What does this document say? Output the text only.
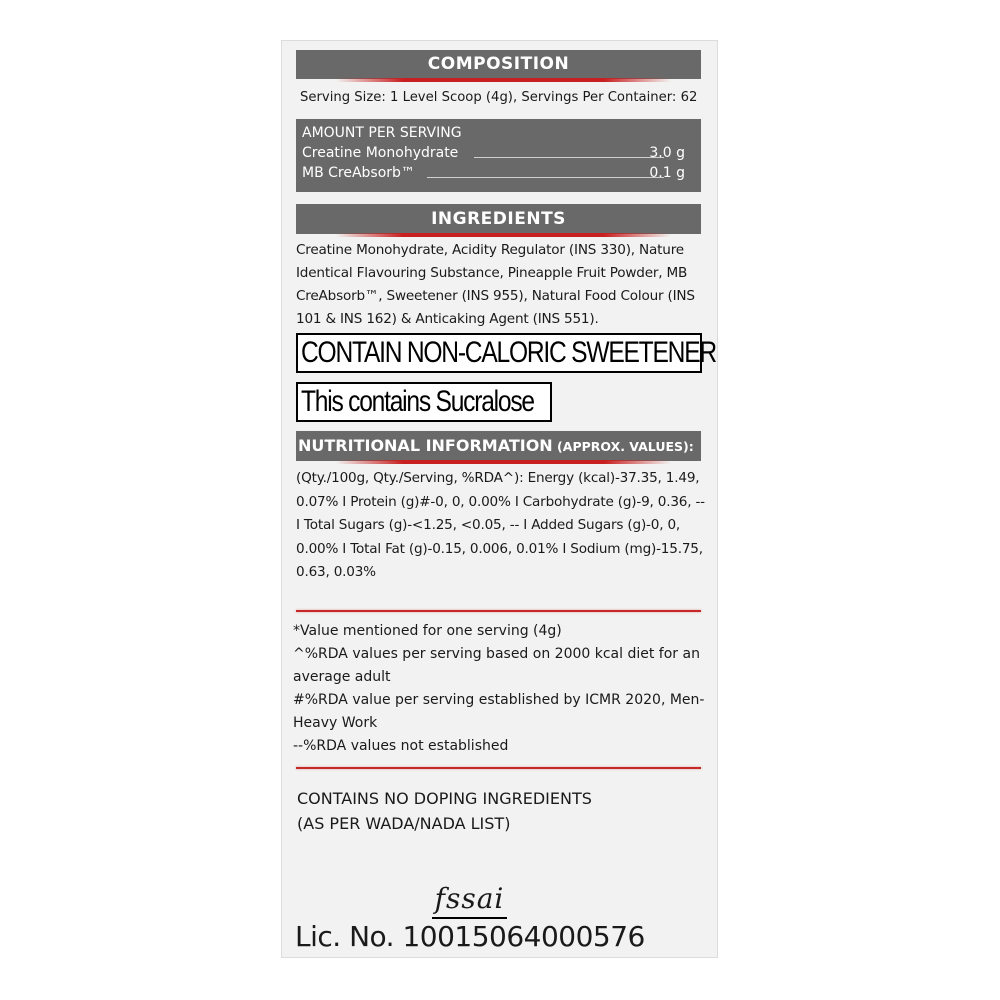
COMPOSITION
Serving Size: 1 Level Scoop (4g), Servings Per Container: 62
AMOUNT PER SERVING
Creatine Monohydrate	3.0 g
MB CreAbsorb™	0.1 g
INGREDIENTS
Creatine Monohydrate, Acidity Regulator (INS 330), Nature Identical Flavouring Substance, Pineapple Fruit Powder, MB CreAbsorb™, Sweetener (INS 955), Natural Food Colour (INS 101 & INS 162) & Anticaking Agent (INS 551).
CONTAIN NON-CALORIC SWEETENER
This contains Sucralose
NUTRITIONAL INFORMATION (APPROX. VALUES):
(Qty./100g, Qty./Serving, %RDA^): Energy (kcal)-37.35, 1.49, 0.07% I Protein (g)#-0, 0, 0.00% I Carbohydrate (g)-9, 0.36, -- I Total Sugars (g)-<1.25, <0.05, -- I Added Sugars (g)-0, 0, 0.00% I Total Fat (g)-0.15, 0.006, 0.01% I Sodium (mg)-15.75, 0.63, 0.03%
*Value mentioned for one serving (4g)
^%RDA values per serving based on 2000 kcal diet for an average adult
#%RDA value per serving established by ICMR 2020, Men-Heavy Work
--%RDA values not established
CONTAINS NO DOPING INGREDIENTS
(AS PER WADA/NADA LIST)
fssai
Lic. No. 10015064000576
